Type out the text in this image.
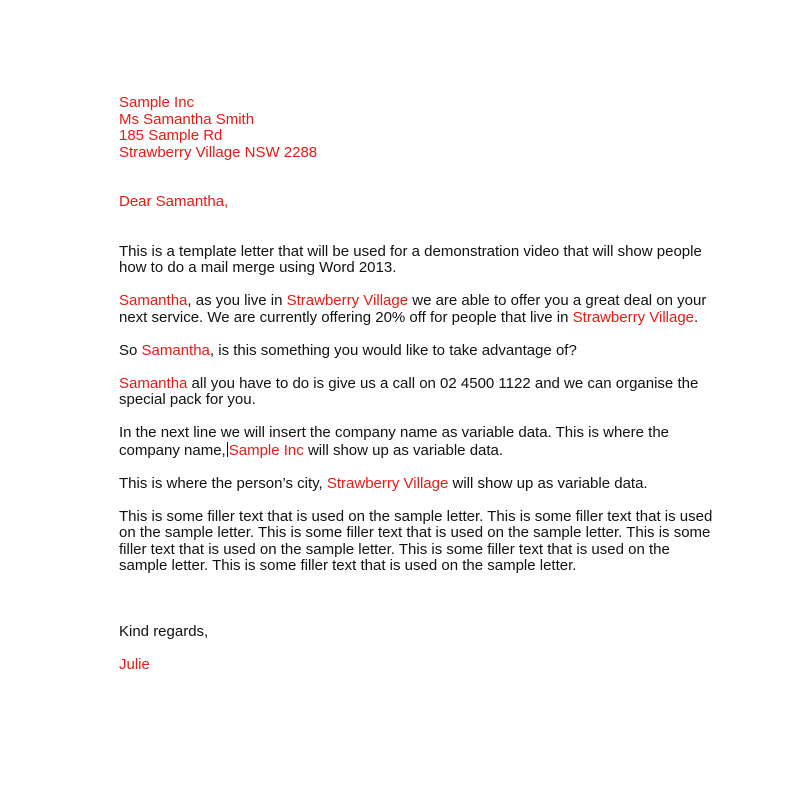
Sample Inc

Ms Samantha Smith

185 Sample Rd

Strawberry Village NSW 2288

Dear Samantha,

This is a template letter that will be used for a demonstration video that will show people how to do a mail merge using Word 2013.

Samantha, as you live in Strawberry Village we are able to offer you a great deal on your next service. We are currently offering 20% off for people that live in Strawberry Village.

So Samantha, is this something you would like to take advantage of?

Samantha all you have to do is give us a call on 02 4500 1122 and we can organise the special pack for you.

In the next line we will insert the company name as variable data. This is where the company name, Sample Inc will show up as variable data.

This is where the person’s city, Strawberry Village will show up as variable data.

This is some filler text that is used on the sample letter. This is some filler text that is used on the sample letter. This is some filler text that is used on the sample letter. This is some filler text that is used on the sample letter. This is some filler text that is used on the sample letter. This is some filler text that is used on the sample letter.

Kind regards,

Julie
